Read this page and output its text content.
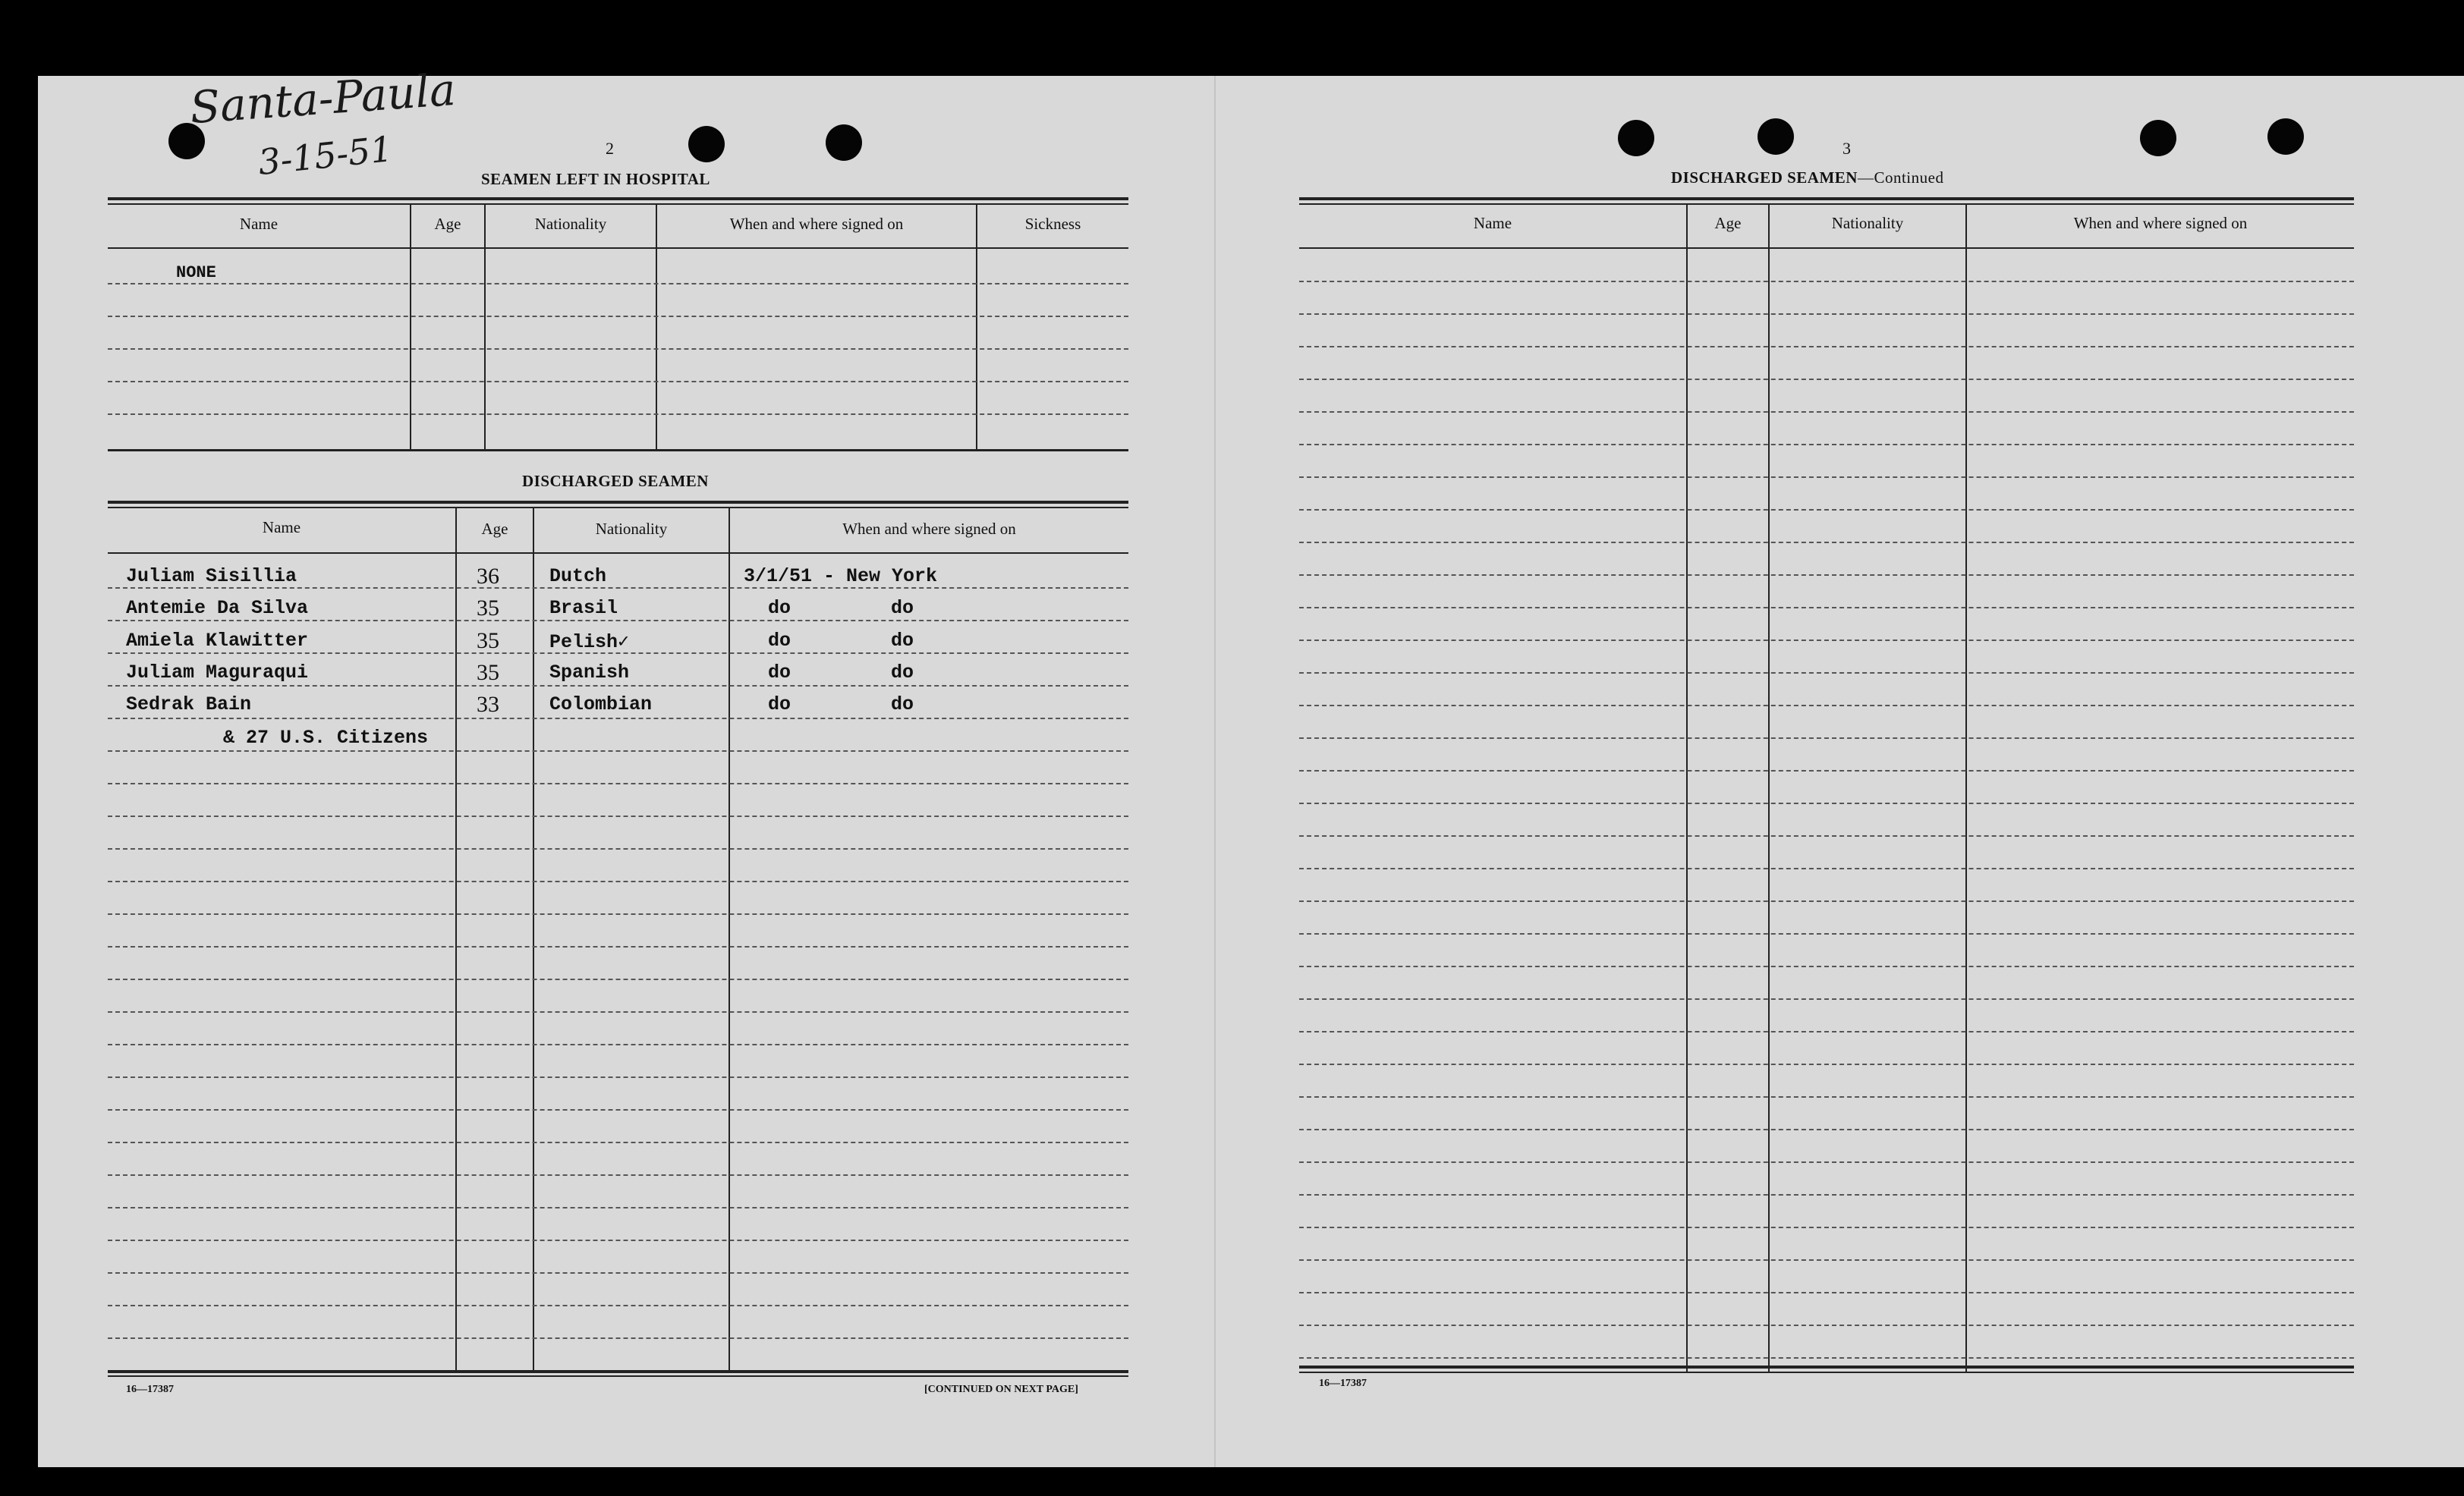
Santa-Paula
3-15-51	2
SEAMEN LEFT IN HOSPITAL
Name	Age	Nationality	When and where signed on	Sickness
NONE
DISCHARGED SEAMEN
Name	Age	Nationality	When and where signed on
Juliam Sisillia	36	Dutch	3/1/51 - New York
Antemie Da Silva	35	Brasil	do	do
Amiela Klawitter	35	Pelish✓	do	do
Juliam Maguraqui	35	Spanish	do	do
Sedrak Bain	33	Colombian	do	do
& 27 U.S. Citizens
16—17387	[CONTINUED ON NEXT PAGE]
3
DISCHARGED SEAMEN—Continued
Name	Age	Nationality	When and where signed on
16—17387
